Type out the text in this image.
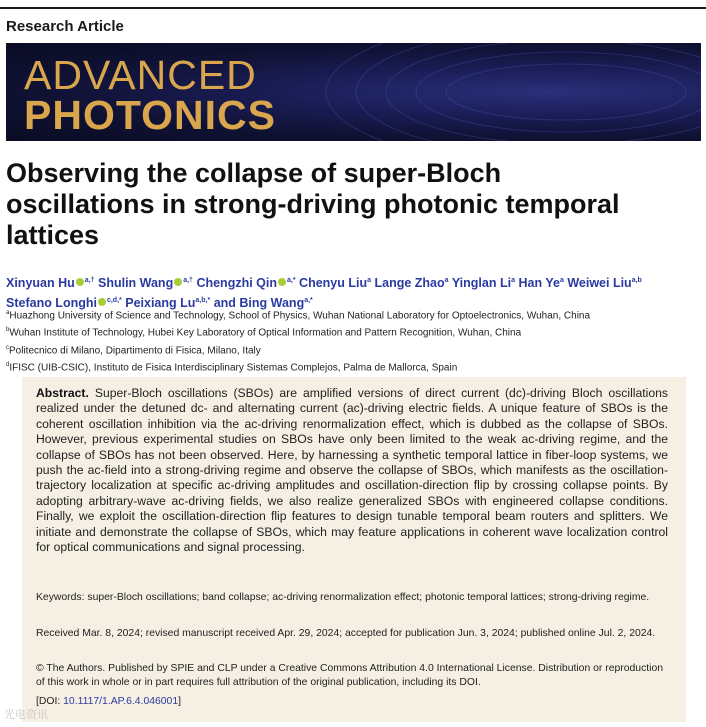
Research Article
ADVANCED
PHOTONICS
Observing the collapse of super-Bloch oscillations in strong-driving photonic temporal lattices
Xinyuan Hu $^{a,\dagger}$ Shulin Wang $^{a,\dagger}$ Chengzhi Qin $^{a,*}$ Chenyu Liu$^a$ Lange Zhao$^a$ Yinglan Li$^a$ Han Ye$^a$ Weiwei Liu$^{a,b}$
Stefano Longhi $^{c,d,*}$ Peixiang $Lu^{a,b,*}$ and Bing Wang$^{a,*}$
$^a$Huazhong University of Science and Technology, School of Physics, Wuhan National Laboratory for Optoelectronics, Wuhan, China
$^b$Wuhan Institute of Technology, Hubei Key Laboratory of Optical Information and Pattern Recognition, Wuhan, China
$^c$Politecnico di Milano, Dipartimento di Fisica, Milano, Italy
$^d$IFISC (UIB-CSIC), Instituto de Fisica Interdisciplinary Sistemas Complejos, Palma de Mallorca, Spain
Abstract. Super-Bloch oscillations (SBOs) are amplified versions of direct current (dc)-driving Bloch oscillations realized under the detuned dc- and alternating current (ac)-driving electric fields. A unique feature of SBOs is the coherent oscillation inhibition via the ac-driving renormalization effect, which is dubbed as the collapse of SBOs. However, previous experimental studies on SBOs have only been limited to the weak ac-driving regime, and the collapse of SBOs has not been observed. Here, by harnessing a synthetic temporal lattice in fiber-loop systems, we push the ac-field into a strong-driving regime and observe the collapse of SBOs, which manifests as the oscillation-trajectory localization at specific ac-driving amplitudes and oscillation-direction flip by crossing collapse points. By adopting arbitrary-wave ac-driving fields, we also realize generalized SBOs with engineered collapse conditions. Finally, we exploit the oscillation-direction flip features to design tunable temporal beam routers and splitters. We initiate and demonstrate the collapse of SBOs, which may feature applications in coherent wave localization control for optical communications and signal processing.
Keywords: super-Bloch oscillations; band collapse; ac-driving renormalization effect; photonic temporal lattices; strong-driving regime.
Received Mar. 8, 2024; revised manuscript received Apr. 29, 2024; accepted for publication Jun. 3, 2024; published online Jul. 2, 2024.
© The Authors. Published by SPIE and CLP under a Creative Commons Attribution 4.0 International License. Distribution or reproduction of this work in whole or in part requires full attribution of the original publication, including its DOI.
[DOI: 10.1117/1.AP.6.4.046001]
光电资讯
